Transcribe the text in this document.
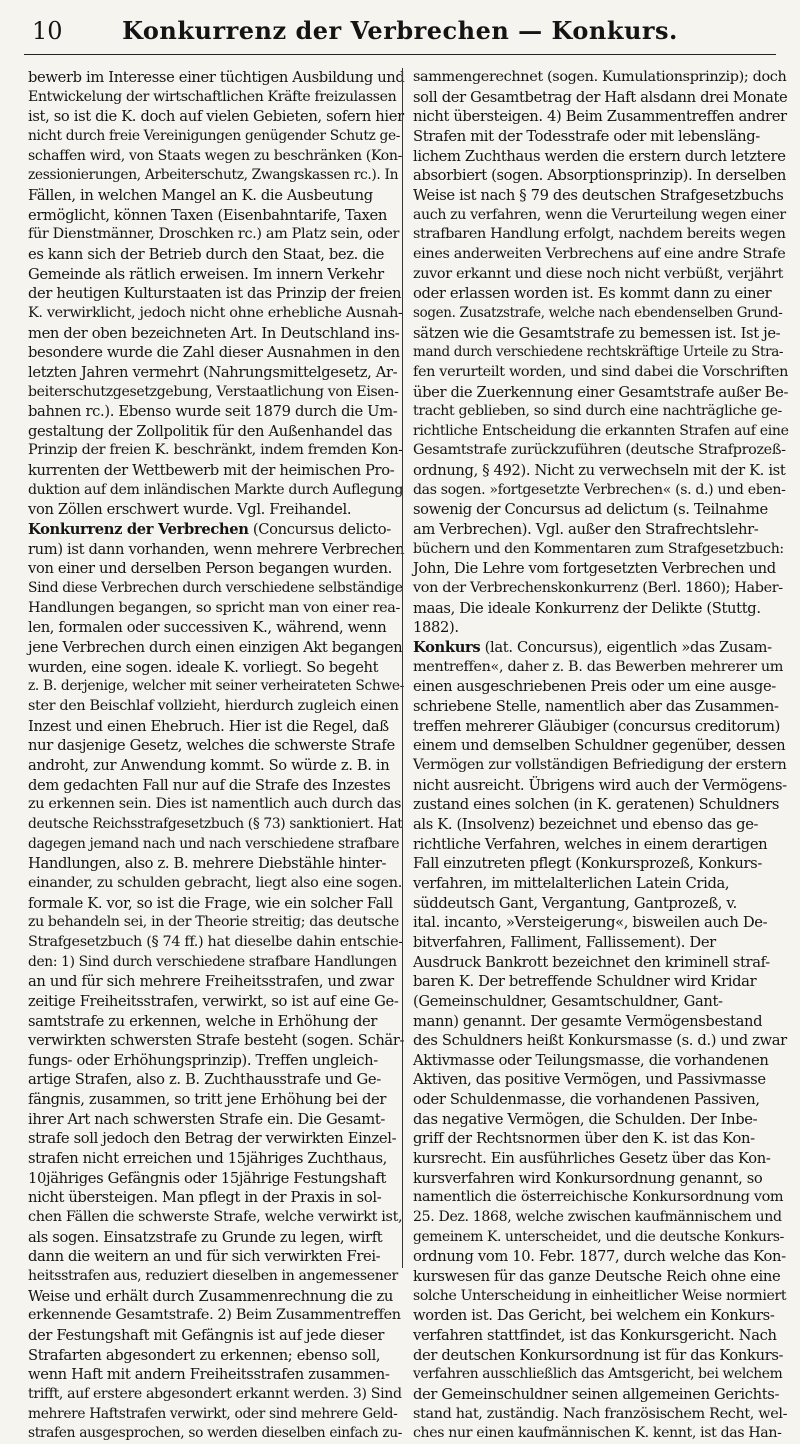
10	Konkurrenz der Verbrechen — Konkurs.
bewerb im Interesse einer tüchtigen Ausbildung und
Entwickelung der wirtschaftlichen Kräfte freizulassen
ist, so ist die K. doch auf vielen Gebieten, sofern hier
nicht durch freie Vereinigungen genügender Schutz ge-
schaffen wird, von Staats wegen zu beschränken (Kon-
zessionierungen, Arbeiterschutz, Zwangskassen rc.). In
Fällen, in welchen Mangel an K. die Ausbeutung
ermöglicht, können Taxen (Eisenbahntarife, Taxen
für Dienstmänner, Droschken rc.) am Platz sein, oder
es kann sich der Betrieb durch den Staat, bez. die
Gemeinde als rätlich erweisen. Im innern Verkehr
der heutigen Kulturstaaten ist das Prinzip der freien
K. verwirklicht, jedoch nicht ohne erhebliche Ausnah-
men der oben bezeichneten Art. In Deutschland ins-
besondere wurde die Zahl dieser Ausnahmen in den
letzten Jahren vermehrt (Nahrungsmittelgesetz, Ar-
beiterschutzgesetzgebung, Verstaatlichung von Eisen-
bahnen rc.). Ebenso wurde seit 1879 durch die Um-
gestaltung der Zollpolitik für den Außenhandel das
Prinzip der freien K. beschränkt, indem fremden Kon-
kurrenten der Wettbewerb mit der heimischen Pro-
duktion auf dem inländischen Markte durch Auflegung
von Zöllen erschwert wurde. Vgl. Freihandel.
Konkurrenz der Verbrechen (Concursus delicto-
rum) ist dann vorhanden, wenn mehrere Verbrechen
von einer und derselben Person begangen wurden.
Sind diese Verbrechen durch verschiedene selbständige
Handlungen begangen, so spricht man von einer rea-
len, formalen oder successiven K., während, wenn
jene Verbrechen durch einen einzigen Akt begangen
wurden, eine sogen. ideale K. vorliegt. So begeht
z. B. derjenige, welcher mit seiner verheirateten Schwe-
ster den Beischlaf vollzieht, hierdurch zugleich einen
Inzest und einen Ehebruch. Hier ist die Regel, daß
nur dasjenige Gesetz, welches die schwerste Strafe
androht, zur Anwendung kommt. So würde z. B. in
dem gedachten Fall nur auf die Strafe des Inzestes
zu erkennen sein. Dies ist namentlich auch durch das
deutsche Reichsstrafgesetzbuch (§ 73) sanktioniert. Hat
dagegen jemand nach und nach verschiedene strafbare
Handlungen, also z. B. mehrere Diebstähle hinter-
einander, zu schulden gebracht, liegt also eine sogen.
formale K. vor, so ist die Frage, wie ein solcher Fall
zu behandeln sei, in der Theorie streitig; das deutsche
Strafgesetzbuch (§ 74 ff.) hat dieselbe dahin entschie-
den: 1) Sind durch verschiedene strafbare Handlungen
an und für sich mehrere Freiheitsstrafen, und zwar
zeitige Freiheitsstrafen, verwirkt, so ist auf eine Ge-
samtstrafe zu erkennen, welche in Erhöhung der
verwirkten schwersten Strafe besteht (sogen. Schär-
fungs- oder Erhöhungsprinzip). Treffen ungleich-
artige Strafen, also z. B. Zuchthausstrafe und Ge-
fängnis, zusammen, so tritt jene Erhöhung bei der
ihrer Art nach schwersten Strafe ein. Die Gesamt-
strafe soll jedoch den Betrag der verwirkten Einzel-
strafen nicht erreichen und 15jähriges Zuchthaus,
10jähriges Gefängnis oder 15jährige Festungshaft
nicht übersteigen. Man pflegt in der Praxis in sol-
chen Fällen die schwerste Strafe, welche verwirkt ist,
als sogen. Einsatzstrafe zu Grunde zu legen, wirft
dann die weitern an und für sich verwirkten Frei-
heitsstrafen aus, reduziert dieselben in angemessener
Weise und erhält durch Zusammenrechnung die zu
erkennende Gesamtstrafe. 2) Beim Zusammentreffen
der Festungshaft mit Gefängnis ist auf jede dieser
Strafarten abgesondert zu erkennen; ebenso soll,
wenn Haft mit andern Freiheitsstrafen zusammen-
trifft, auf erstere abgesondert erkannt werden. 3) Sind
mehrere Haftstrafen verwirkt, oder sind mehrere Geld-
strafen ausgesprochen, so werden dieselben einfach zu-
sammengerechnet (sogen. Kumulationsprinzip); doch
soll der Gesamtbetrag der Haft alsdann drei Monate
nicht übersteigen. 4) Beim Zusammentreffen andrer
Strafen mit der Todesstrafe oder mit lebensläng-
lichem Zuchthaus werden die erstern durch letztere
absorbiert (sogen. Absorptionsprinzip). In derselben
Weise ist nach § 79 des deutschen Strafgesetzbuchs
auch zu verfahren, wenn die Verurteilung wegen einer
strafbaren Handlung erfolgt, nachdem bereits wegen
eines anderweiten Verbrechens auf eine andre Strafe
zuvor erkannt und diese noch nicht verbüßt, verjährt
oder erlassen worden ist. Es kommt dann zu einer
sogen. Zusatzstrafe, welche nach ebendenselben Grund-
sätzen wie die Gesamtstrafe zu bemessen ist. Ist je-
mand durch verschiedene rechtskräftige Urteile zu Stra-
fen verurteilt worden, und sind dabei die Vorschriften
über die Zuerkennung einer Gesamtstrafe außer Be-
tracht geblieben, so sind durch eine nachträgliche ge-
richtliche Entscheidung die erkannten Strafen auf eine
Gesamtstrafe zurückzuführen (deutsche Strafprozeß-
ordnung, § 492). Nicht zu verwechseln mit der K. ist
das sogen. »fortgesetzte Verbrechen« (s. d.) und eben-
sowenig der Concursus ad delictum (s. Teilnahme
am Verbrechen). Vgl. außer den Strafrechtslehr-
büchern und den Kommentaren zum Strafgesetzbuch:
John, Die Lehre vom fortgesetzten Verbrechen und
von der Verbrechenskonkurrenz (Berl. 1860); Haber-
maas, Die ideale Konkurrenz der Delikte (Stuttg.
1882).
Konkurs (lat. Concursus), eigentlich »das Zusam-
mentreffen«, daher z. B. das Bewerben mehrerer um
einen ausgeschriebenen Preis oder um eine ausge-
schriebene Stelle, namentlich aber das Zusammen-
treffen mehrerer Gläubiger (concursus creditorum)
einem und demselben Schuldner gegenüber, dessen
Vermögen zur vollständigen Befriedigung der erstern
nicht ausreicht. Übrigens wird auch der Vermögens-
zustand eines solchen (in K. geratenen) Schuldners
als K. (Insolvenz) bezeichnet und ebenso das ge-
richtliche Verfahren, welches in einem derartigen
Fall einzutreten pflegt (Konkursprozeß, Konkurs-
verfahren, im mittelalterlichen Latein Crida,
süddeutsch Gant, Vergantung, Gantprozeß, v.
ital. incanto, »Versteigerung«, bisweilen auch De-
bitverfahren, Falliment, Fallissement). Der
Ausdruck Bankrott bezeichnet den kriminell straf-
baren K. Der betreffende Schuldner wird Kridar
(Gemeinschuldner, Gesamtschuldner, Gant-
mann) genannt. Der gesamte Vermögensbestand
des Schuldners heißt Konkursmasse (s. d.) und zwar
Aktivmasse oder Teilungsmasse, die vorhandenen
Aktiven, das positive Vermögen, und Passivmasse
oder Schuldenmasse, die vorhandenen Passiven,
das negative Vermögen, die Schulden. Der Inbe-
griff der Rechtsnormen über den K. ist das Kon-
kursrecht. Ein ausführliches Gesetz über das Kon-
kursverfahren wird Konkursordnung genannt, so
namentlich die österreichische Konkursordnung vom
25. Dez. 1868, welche zwischen kaufmännischem und
gemeinem K. unterscheidet, und die deutsche Konkurs-
ordnung vom 10. Febr. 1877, durch welche das Kon-
kurswesen für das ganze Deutsche Reich ohne eine
solche Unterscheidung in einheitlicher Weise normiert
worden ist. Das Gericht, bei welchem ein Konkurs-
verfahren stattfindet, ist das Konkursgericht. Nach
der deutschen Konkursordnung ist für das Konkurs-
verfahren ausschließlich das Amtsgericht, bei welchem
der Gemeinschuldner seinen allgemeinen Gerichts-
stand hat, zuständig. Nach französischem Recht, wel-
ches nur einen kaufmännischen K. kennt, ist das Han-
